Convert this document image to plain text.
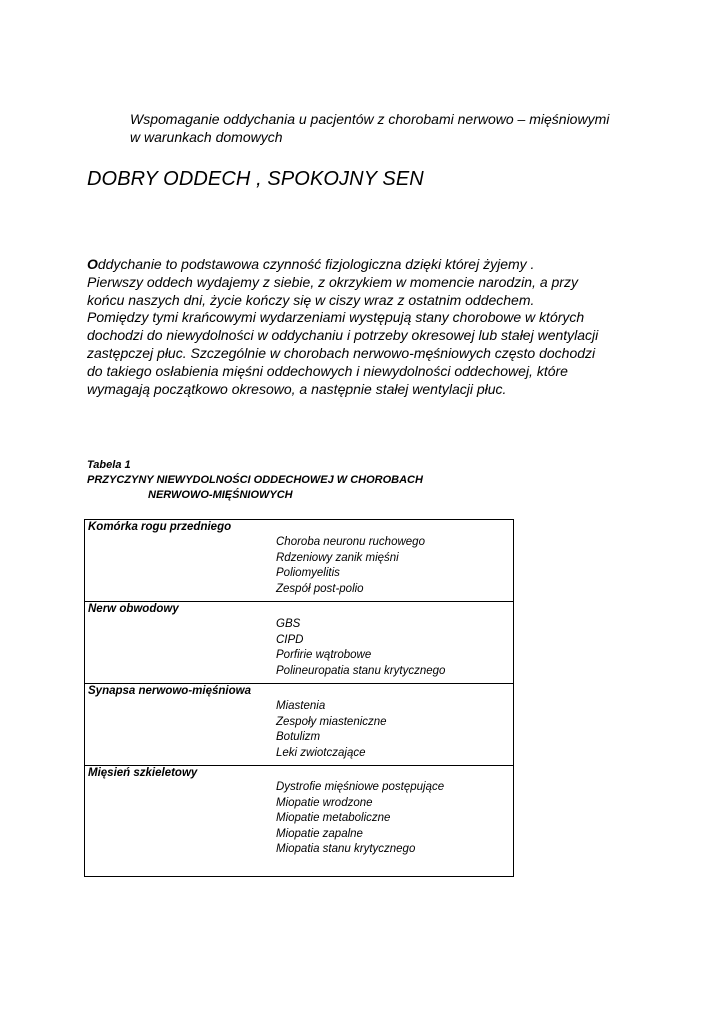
Wspomaganie oddychania u pacjentów z chorobami nerwowo – mięśniowymi
w warunkach domowych
DOBRY ODDECH , SPOKOJNY SEN
Oddychanie to podstawowa czynność fizjologiczna dzięki której żyjemy .
Pierwszy oddech wydajemy z siebie, z okrzykiem w momencie narodzin, a przy
końcu naszych dni, życie kończy się w ciszy wraz z ostatnim oddechem.
Pomiędzy tymi krańcowymi wydarzeniami występują stany chorobowe w których
dochodzi do niewydolności w oddychaniu i potrzeby okresowej lub stałej wentylacji
zastępczej płuc. Szczególnie w chorobach nerwowo-męśniowych często dochodzi
do takiego osłabienia mięśni oddechowych i niewydolności oddechowej, które
wymagają początkowo okresowo, a następnie stałej wentylacji płuc.
Tabela 1
PRZYCZYNY NIEWYDOLNOŚCI ODDECHOWEJ W CHOROBACH
NERWOWO-MIĘŚNIOWYCH
Komórka rogu przedniego	Choroba neuronu ruchowego
Rdzeniowy zanik mięśni
Poliomyelitis
Zespół post-polio

Nerw obwodowy	GBS
CIPD
Porfirie wątrobowe
Polineuropatia stanu krytycznego

Synapsa nerwowo-mięśniowa	Miastenia
Zespoły miasteniczne
Botulizm
Leki zwiotczające

Mięsień szkieletowy	Dystrofie mięśniowe postępujące
Miopatie wrodzone
Miopatie metaboliczne
Miopatie zapalne
Miopatia stanu krytycznego
